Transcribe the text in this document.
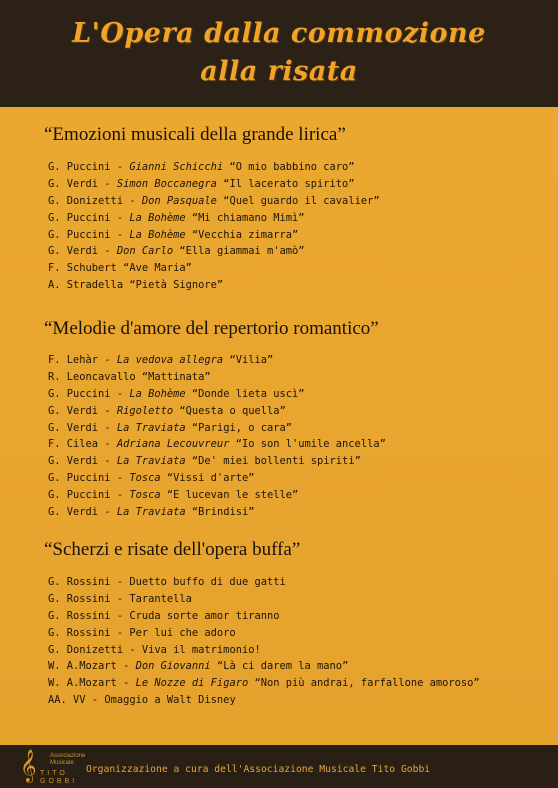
L'Opera dalla commozione
alla risata
“Emozioni musicali della grande lirica”
G. Puccini - Gianni Schicchi “O mio babbino caro”
G. Verdi - Simon Boccanegra “Il lacerato spirito”
G. Donizetti - Don Pasquale “Quel guardo il cavalier”
G. Puccini - La Bohème “Mi chiamano Mimì”
G. Puccini - La Bohème “Vecchia zimarra”
G. Verdi - Don Carlo “Ella giammai m'amò”
F. Schubert “Ave Maria”
A. Stradella “Pietà Signore”
“Melodie d'amore del repertorio romantico”
F. Lehàr - La vedova allegra “Vilia”
R. Leoncavallo “Mattinata”
G. Puccini - La Bohème “Donde lieta uscì”
G. Verdi - Rigoletto “Questa o quella”
G. Verdi - La Traviata “Parigi, o cara”
F. Cilea - Adriana Lecouvreur “Io son l'umile ancella”
G. Verdi - La Traviata “De' miei bollenti spiriti”
G. Puccini - Tosca “Vissi d'arte”
G. Puccini - Tosca “E lucevan le stelle”
G. Verdi - La Traviata “Brindisi”
“Scherzi e risate dell'opera buffa”
G. Rossini - Duetto buffo di due gatti
G. Rossini - Tarantella
G. Rossini - Cruda sorte amor tiranno
G. Rossini - Per lui che adoro
G. Donizetti - Viva il matrimonio!
W. A.Mozart - Don Giovanni “Là ci darem la mano”
W. A.Mozart - Le Nozze di Figaro “Non più andrai, farfallone amoroso”
AA. VV - Omaggio a Walt Disney
𝄞 Associazione Musicale
TITO
GOBBI
Organizzazione a cura dell'Associazione Musicale Tito Gobbi
